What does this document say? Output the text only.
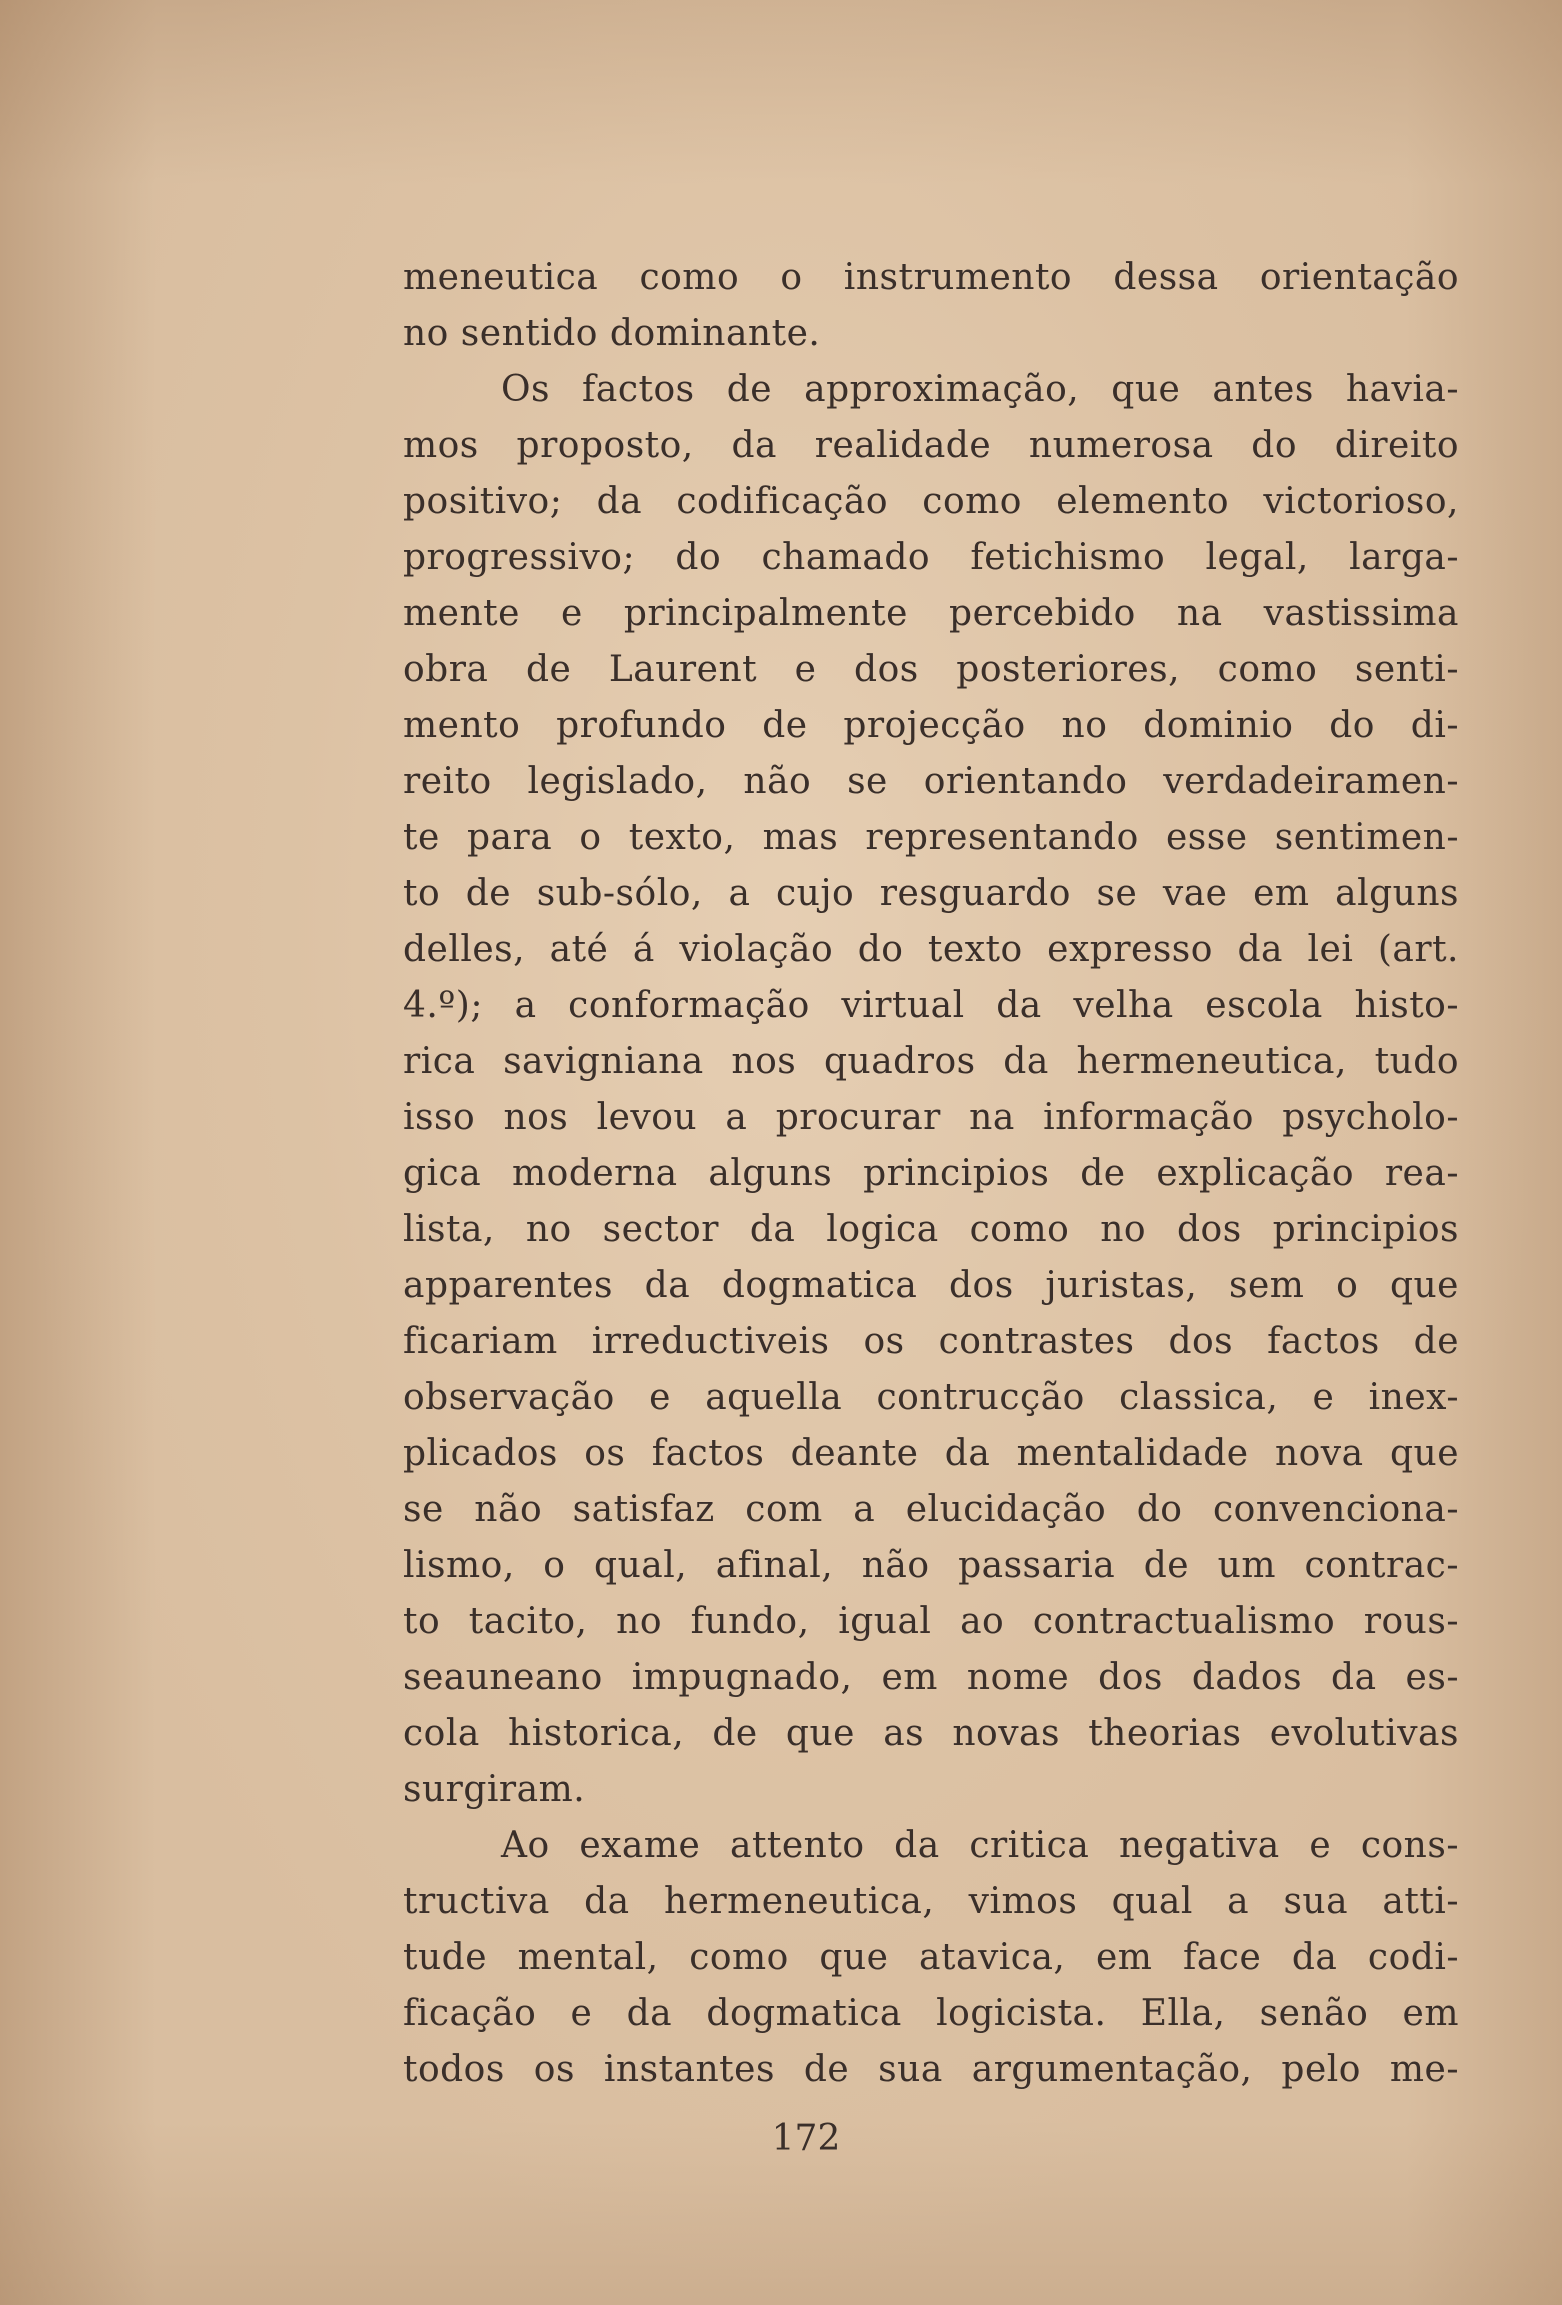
meneutica como o instrumento dessa orientação
no sentido dominante.
Os factos de approximação, que antes havia-
mos proposto, da realidade numerosa do direito
positivo; da codificação como elemento victorioso,
progressivo; do chamado fetichismo legal, larga-
mente e principalmente percebido na vastissima
obra de Laurent e dos posteriores, como senti-
mento profundo de projecção no dominio do di-
reito legislado, não se orientando verdadeiramen-
te para o texto, mas representando esse sentimen-
to de sub-sólo, a cujo resguardo se vae em alguns
delles, até á violação do texto expresso da lei (art.
4.º); a conformação virtual da velha escola histo-
rica savigniana nos quadros da hermeneutica, tudo
isso nos levou a procurar na informação psycholo-
gica moderna alguns principios de explicação rea-
lista, no sector da logica como no dos principios
apparentes da dogmatica dos juristas, sem o que
ficariam irreductiveis os contrastes dos factos de
observação e aquella contrucção classica, e inex-
plicados os factos deante da mentalidade nova que
se não satisfaz com a elucidação do convenciona-
lismo, o qual, afinal, não passaria de um contrac-
to tacito, no fundo, igual ao contractualismo rous-
seauneano impugnado, em nome dos dados da es-
cola historica, de que as novas theorias evolutivas
surgiram.
Ao exame attento da critica negativa e cons-
tructiva da hermeneutica, vimos qual a sua atti-
tude mental, como que atavica, em face da codi-
ficação e da dogmatica logicista. Ella, senão em
todos os instantes de sua argumentação, pelo me-
172
